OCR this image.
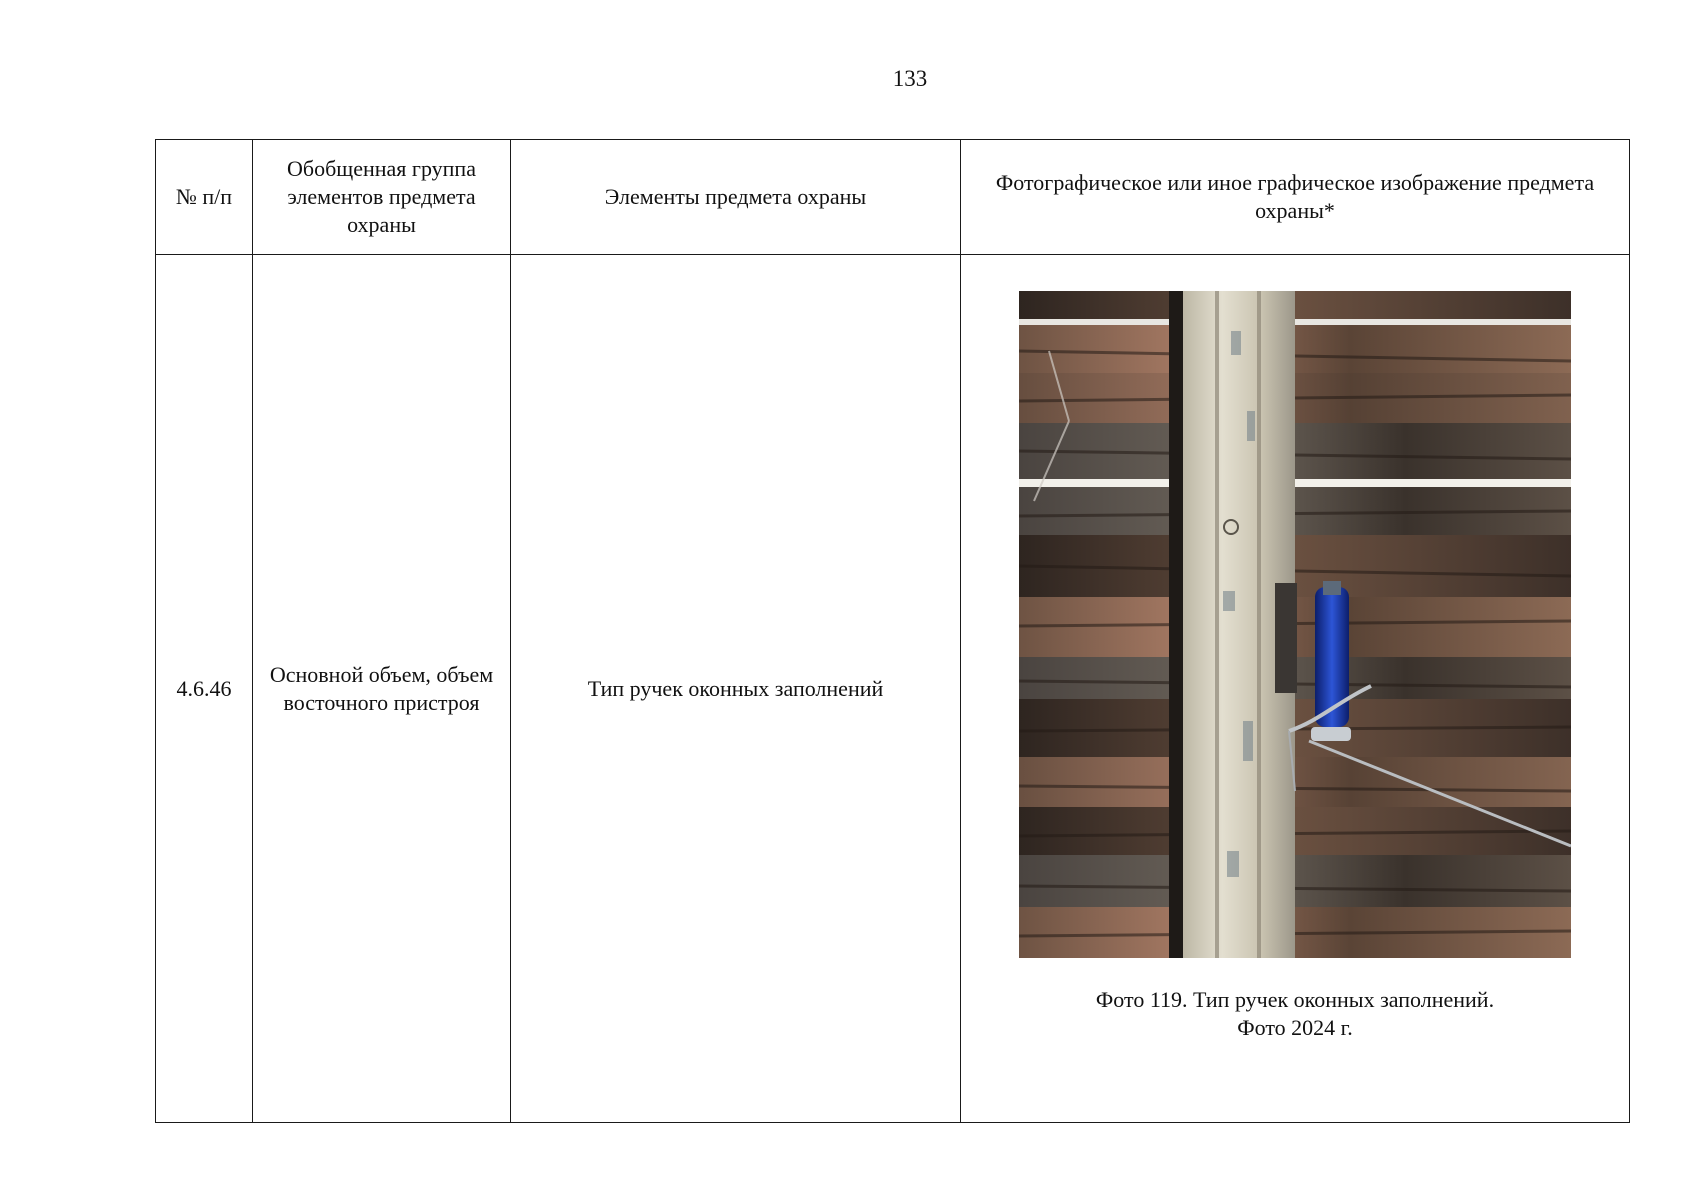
133
№ п/п	Обобщенная группа элементов предмета охраны	Элементы предмета охраны	Фотографическое или иное графическое изображение предмета охраны*
4.6.46	Основной объем, объем восточного пристроя	Тип ручек оконных заполнений	Фото 119. Тип ручек оконных заполнений.
Фото 2024 г.
